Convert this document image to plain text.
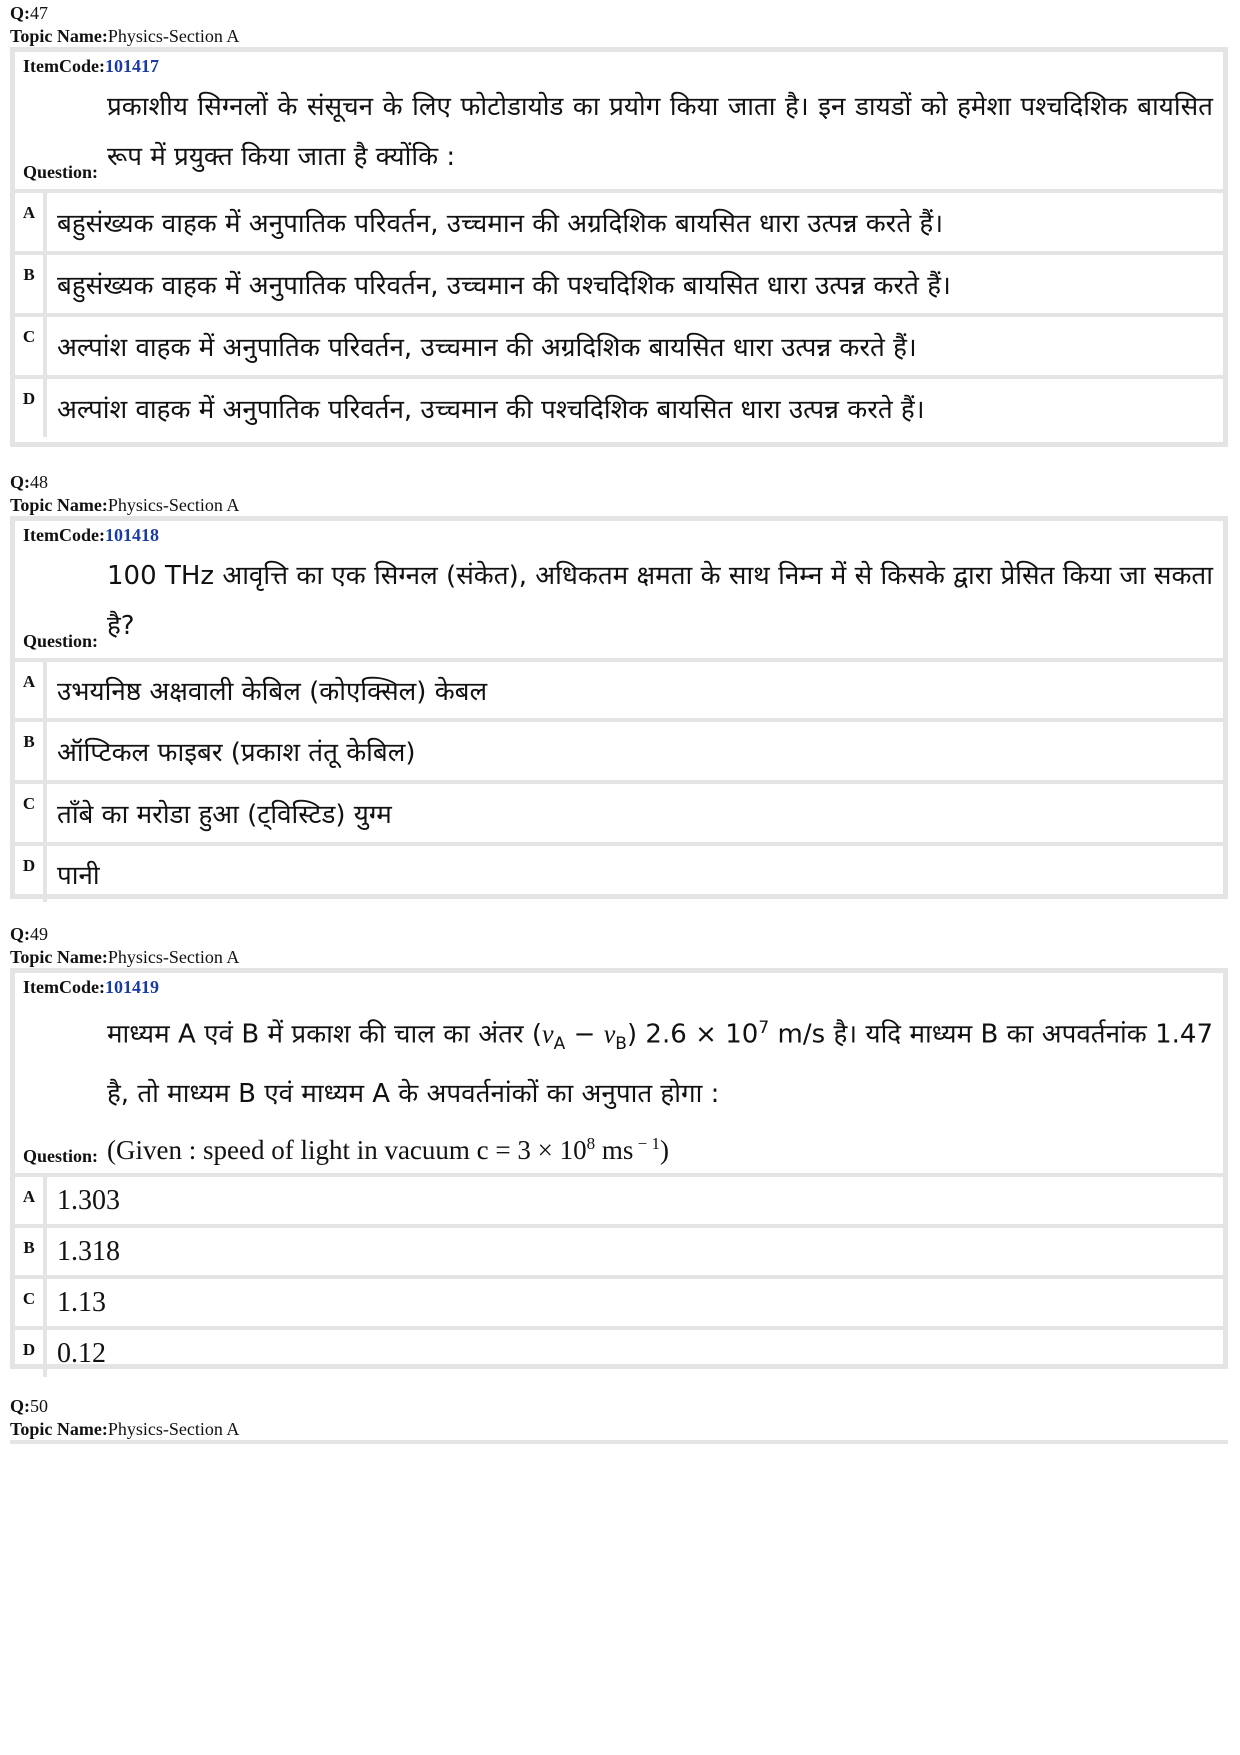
Q:47
Topic Name:Physics-Section A
ItemCode:101417
प्रकाशीय सिग्नलों के संसूचन के लिए फोटोडायोड का प्रयोग किया जाता है। इन डायडों को हमेशा पश्चदिशिक बायसित रूप में प्रयुक्त किया जाता है क्योंकि :
Question:
A बहुसंख्यक वाहक में अनुपातिक परिवर्तन, उच्चमान की अग्रदिशिक बायसित धारा उत्पन्न करते हैं।
B बहुसंख्यक वाहक में अनुपातिक परिवर्तन, उच्चमान की पश्चदिशिक बायसित धारा उत्पन्न करते हैं।
C अल्पांश वाहक में अनुपातिक परिवर्तन, उच्चमान की अग्रदिशिक बायसित धारा उत्पन्न करते हैं।
D अल्पांश वाहक में अनुपातिक परिवर्तन, उच्चमान की पश्चदिशिक बायसित धारा उत्पन्न करते हैं।
Q:48
Topic Name:Physics-Section A
ItemCode:101418
100 THz आवृत्ति का एक सिग्नल (संकेत), अधिकतम क्षमता के साथ निम्न में से किसके द्वारा प्रेसित किया जा सकता है?
Question:
A उभयनिष्ठ अक्षवाली केबिल (कोएक्सिल) केबल
B ऑप्टिकल फाइबर (प्रकाश तंतू केबिल)
C ताँबे का मरोडा हुआ (ट्विस्टिड) युग्म
D पानी
Q:49
Topic Name:Physics-Section A
ItemCode:101419
माध्यम A एवं B में प्रकाश की चाल का अंतर $(v_A - v_B) 2.6 \times 10^7$ m/s है। यदि माध्यम B का अपवर्तनांक 1.47 है, तो माध्यम B एवं माध्यम A के अपवर्तनांकों का अनुपात होगा :
(Given : speed of light in vacuum $c = 3 \times 10^8$ ms $^{- 1}$)
Question:
A 1.303
B 1.318
C 1.13
D 0.12
Q:50
Topic Name:Physics-Section A
